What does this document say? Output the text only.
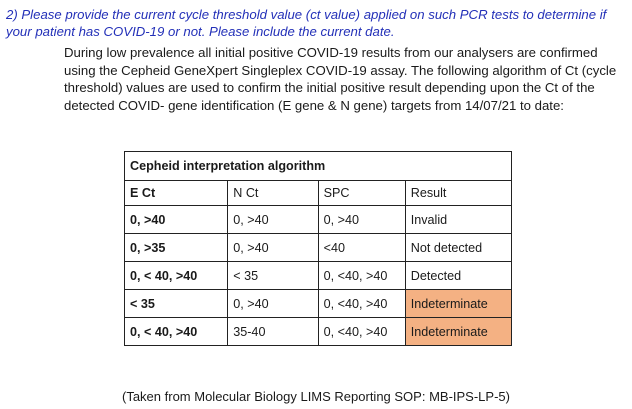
2) Please provide the current cycle threshold value (ct value) applied on such PCR tests to determine if your patient has COVID-19 or not. Please include the current date.
During low prevalence all initial positive COVID-19 results from our analysers are confirmed using the Cepheid GeneXpert Singleplex COVID-19 assay. The following algorithm of Ct (cycle threshold) values are used to confirm the initial positive result depending upon the Ct of the detected COVID- gene identification (E gene & N gene) targets from 14/07/21 to date:
Cepheid interpretation algorithm			
E Ct	N Ct	SPC	Result
0, >40	0, >40	0, >40	Invalid
0, >35	0, >40	<40	Not detected
0, < 40, >40	< 35	0, <40, >40	Detected
< 35	0, >40	0, <40, >40	Indeterminate
0, < 40, >40	35-40	0, <40, >40	Indeterminate
(Taken from Molecular Biology LIMS Reporting SOP: MB-IPS-LP-5)
